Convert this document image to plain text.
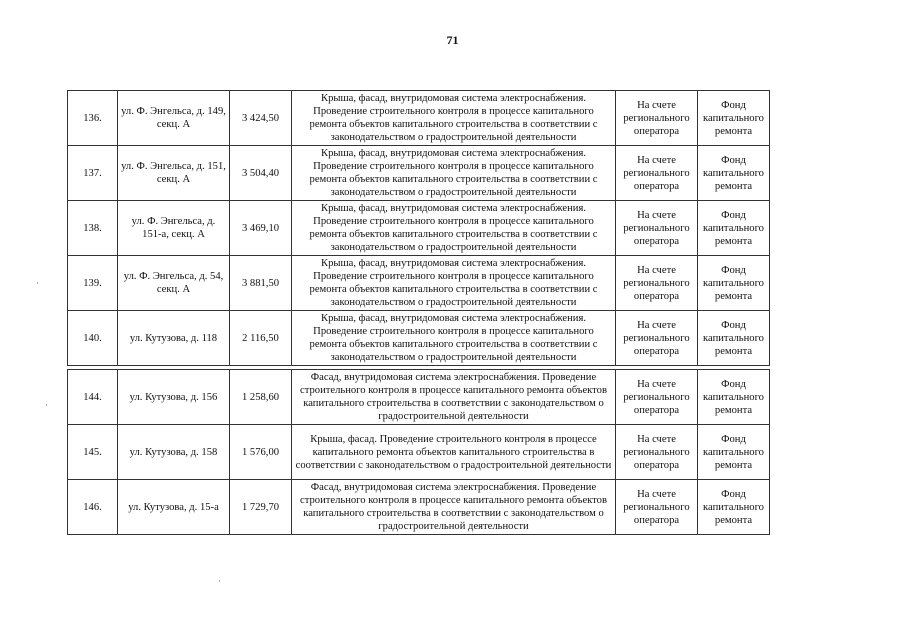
71
136.	ул. Ф. Энгельса, д. 149, секц. А	3 424,50	Крыша, фасад, внутридомовая система электроснабжения. Проведение строительного контроля в процессе капитального ремонта объектов капитального строительства в соответствии с законодательством о градостроительной деятельности	На счете регионального оператора	Фонд капитального ремонта
137.	ул. Ф. Энгельса, д. 151, секц. А	3 504,40	Крыша, фасад, внутридомовая система электроснабжения. Проведение строительного контроля в процессе капитального ремонта объектов капитального строительства в соответствии с законодательством о градостроительной деятельности	На счете регионального оператора	Фонд капитального ремонта
138.	ул. Ф. Энгельса, д. 151-а, секц. А	3 469,10	Крыша, фасад, внутридомовая система электроснабжения. Проведение строительного контроля в процессе капитального ремонта объектов капитального строительства в соответствии с законодательством о градостроительной деятельности	На счете регионального оператора	Фонд капитального ремонта
139.	ул. Ф. Энгельса, д. 54, секц. А	3 881,50	Крыша, фасад, внутридомовая система электроснабжения. Проведение строительного контроля в процессе капитального ремонта объектов капитального строительства в соответствии с законодательством о градостроительной деятельности	На счете регионального оператора	Фонд капитального ремонта
140.	ул. Кутузова, д. 118	2 116,50	Крыша, фасад, внутридомовая система электроснабжения. Проведение строительного контроля в процессе капитального ремонта объектов капитального строительства в соответствии с законодательством о градостроительной деятельности	На счете регионального оператора	Фонд капитального ремонта
144.	ул. Кутузова, д. 156	1 258,60	Фасад, внутридомовая система электроснабжения. Проведение строительного контроля в процессе капитального ремонта объектов капитального строительства в соответствии с законодательством о градостроительной деятельности	На счете регионального оператора	Фонд капитального ремонта
145.	ул. Кутузова, д. 158	1 576,00	Крыша, фасад. Проведение строительного контроля в процессе капитального ремонта объектов капитального строительства в соответствии с законодательством о градостроительной деятельности	На счете регионального оператора	Фонд капитального ремонта
146.	ул. Кутузова, д. 15-а	1 729,70	Фасад, внутридомовая система электроснабжения. Проведение строительного контроля в процессе капитального ремонта объектов капитального строительства в соответствии с законодательством о градостроительной деятельности	На счете регионального оператора	Фонд капитального ремонта
·
·
·
